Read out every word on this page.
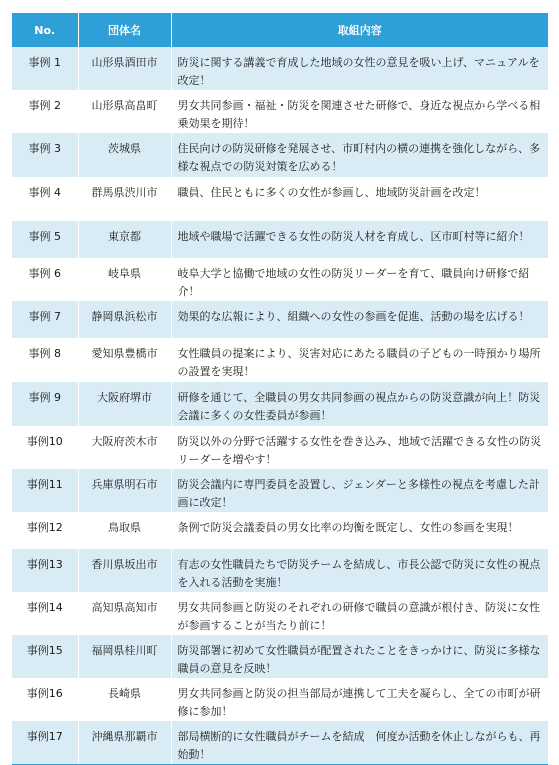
No.	団体名	取組内容
事例 1	山形県酒田市	防災に関する講義で育成した地域の女性の意見を吸い上げ、マニュアルを改定！
事例 2	山形県高畠町	男女共同参画・福祉・防災を関連させた研修で、身近な視点から学べる相乗効果を期待！
事例 3	茨城県	住民向けの防災研修を発展させ、市町村内の横の連携を強化しながら、多様な視点での防災対策を広める！
事例 4	群馬県渋川市	職員、住民ともに多くの女性が参画し、地域防災計画を改定！
事例 5	東京都	地域や職場で活躍できる女性の防災人材を育成し、区市町村等に紹介！
事例 6	岐阜県	岐阜大学と協働で地域の女性の防災リーダーを育て、職員向け研修で紹介！
事例 7	静岡県浜松市	効果的な広報により、組織への女性の参画を促進、活動の場を広げる！
事例 8	愛知県豊橋市	女性職員の提案により、災害対応にあたる職員の子どもの一時預かり場所の設置を実現！
事例 9	大阪府堺市	研修を通じて、全職員の男女共同参画の視点からの防災意識が向上！防災会議に多くの女性委員が参画！
事例10	大阪府茨木市	防災以外の分野で活躍する女性を巻き込み、地域で活躍できる女性の防災リーダーを増やす！
事例11	兵庫県明石市	防災会議内に専門委員を設置し、ジェンダーと多様性の視点を考慮した計画に改定！
事例12	鳥取県	条例で防災会議委員の男女比率の均衡を既定し、女性の参画を実現！
事例13	香川県坂出市	有志の女性職員たちで防災チームを結成し、市長公認で防災に女性の視点を入れる活動を実施！
事例14	高知県高知市	男女共同参画と防災のそれぞれの研修で職員の意識が根付き、防災に女性が参画することが当たり前に！
事例15	福岡県桂川町	防災部署に初めて女性職員が配置されたことをきっかけに、防災に多様な職員の意見を反映！
事例16	長崎県	男女共同参画と防災の担当部局が連携して工夫を凝らし、全ての市町が研修に参加！
事例17	沖縄県那覇市	部局横断的に女性職員がチームを結成　何度か活動を休止しながらも、再始動！
